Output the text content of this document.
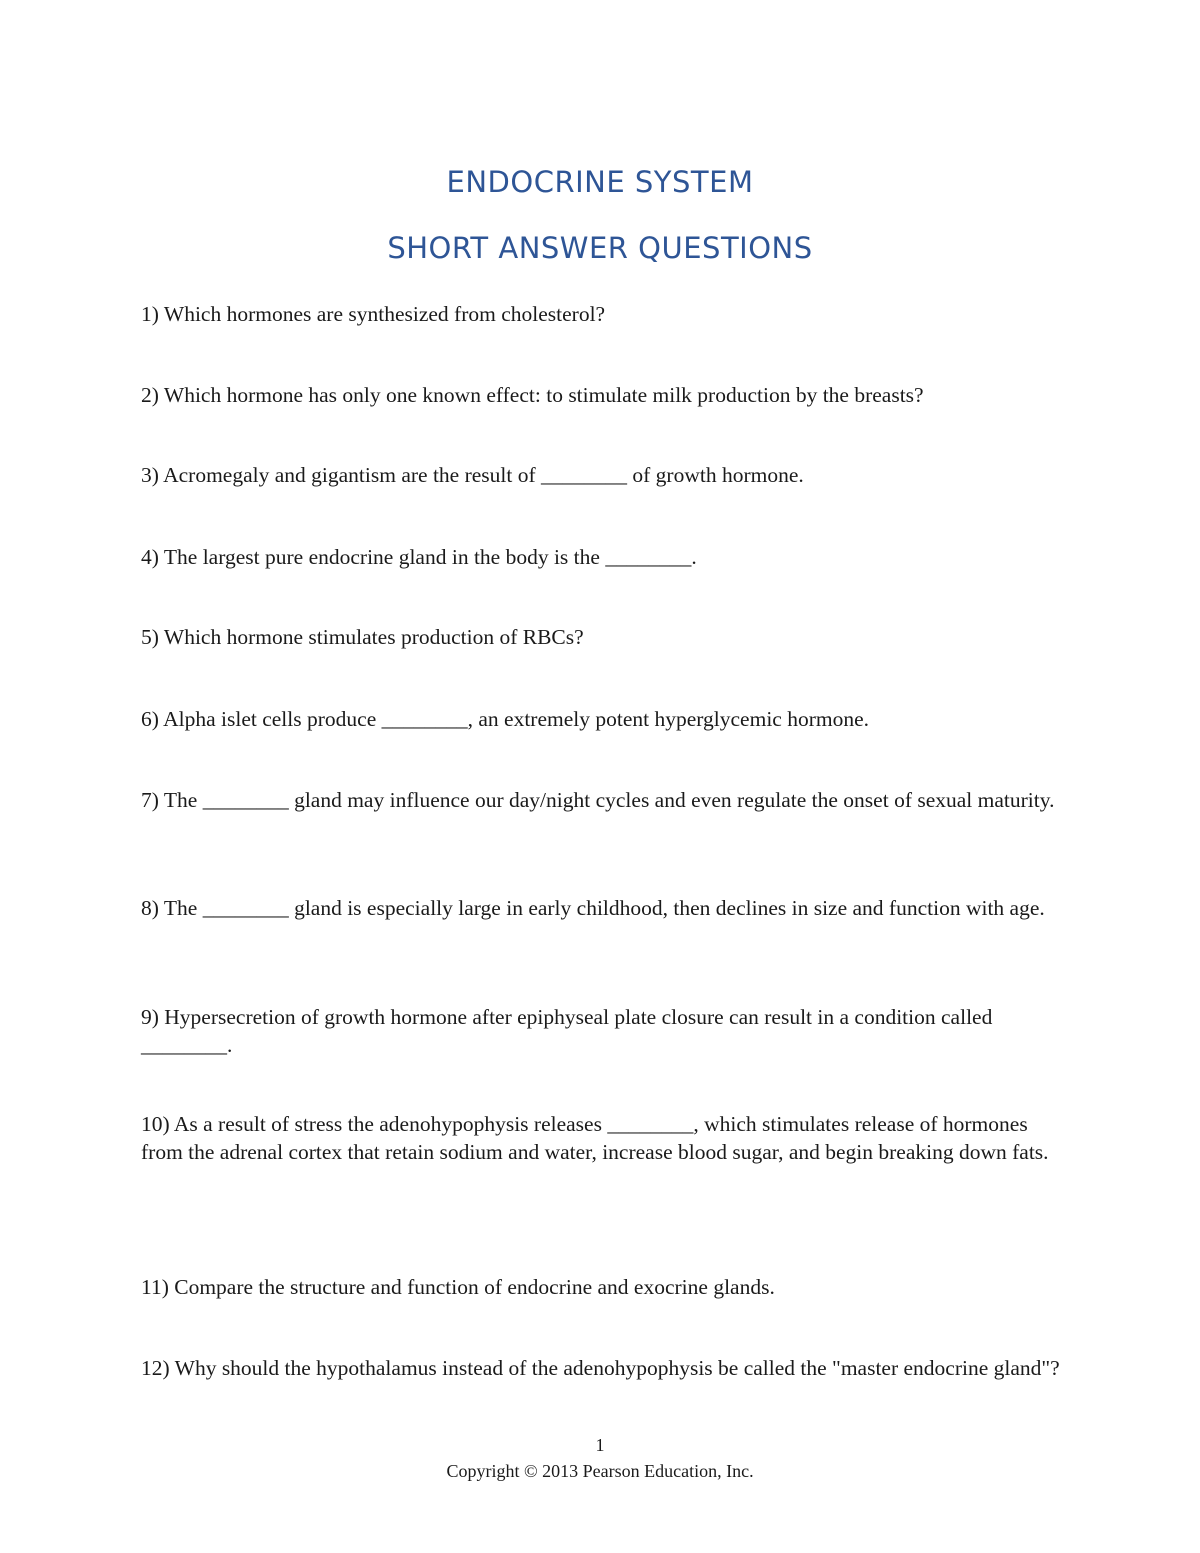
ENDOCRINE SYSTEM
SHORT ANSWER QUESTIONS

1) Which hormones are synthesized from cholesterol?

2) Which hormone has only one known effect: to stimulate milk production by the breasts?

3) Acromegaly and gigantism are the result of ________ of growth hormone.

4) The largest pure endocrine gland in the body is the ________.

5) Which hormone stimulates production of RBCs?

6) Alpha islet cells produce ________, an extremely potent hyperglycemic hormone.

7) The ________ gland may influence our day/night cycles and even regulate the onset of sexual maturity.

8) The ________ gland is especially large in early childhood, then declines in size and function with age.

9) Hypersecretion of growth hormone after epiphyseal plate closure can result in a condition called ________.

10) As a result of stress the adenohypophysis releases ________, which stimulates release of hormones from the adrenal cortex that retain sodium and water, increase blood sugar, and begin breaking down fats.

11) Compare the structure and function of endocrine and exocrine glands.

12) Why should the hypothalamus instead of the adenohypophysis be called the "master endocrine gland"?

1

Copyright © 2013 Pearson Education, Inc.
